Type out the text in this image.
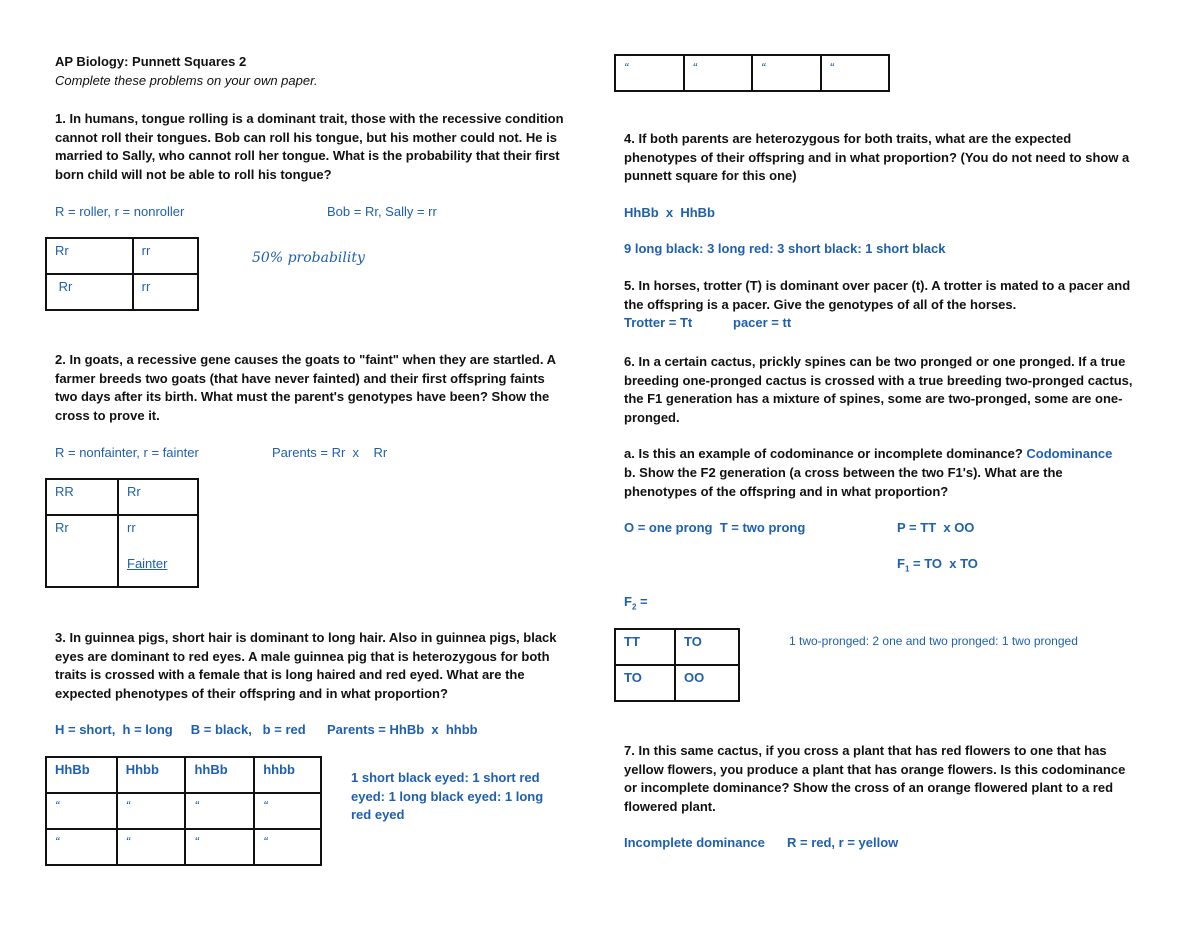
AP Biology: Punnett Squares 2
Complete these problems on your own paper.
1. In humans, tongue rolling is a dominant trait, those with the recessive condition
cannot roll their tongues. Bob can roll his tongue, but his mother could not. He is
married to Sally, who cannot roll her tongue. What is the probability that their first
born child will not be able to roll his tongue?
R = roller, r = nonroller	Bob = Rr, Sally = rr
Rr	rr
Rr	rr
50% probability
2. In goats, a recessive gene causes the goats to "faint" when they are startled. A
farmer breeds two goats (that have never fainted) and their first offspring faints
two days after its birth. What must the parent's genotypes have been? Show the
cross to prove it.
R = nonfainter, r = fainter	Parents = Rr  x    Rr
RR	Rr
Rr	rr
Fainter
3. In guinnea pigs, short hair is dominant to long hair. Also in guinnea pigs, black
eyes are dominant to red eyes. A male guinnea pig that is heterozygous for both
traits is crossed with a female that is long haired and red eyed. What are the
expected phenotypes of their offspring and in what proportion?
H = short,  h = long     B = black,   b = red Parents = HhBb  x  hhbb
HhBb	Hhbb	hhBb	hhbb
“	“	“	“
“	“	“	“
1 short black eyed: 1 short red
eyed: 1 long black eyed: 1 long
red eyed
“	“	“	“
4. If both parents are heterozygous for both traits, what are the expected
phenotypes of their offspring and in what proportion? (You do not need to show a
punnett square for this one)
HhBb  x  HhBb
9 long black: 3 long red: 3 short black: 1 short black
5. In horses, trotter (T) is dominant over pacer (t). A trotter is mated to a pacer and
the offspring is a pacer. Give the genotypes of all of the horses.
Trotter = Tt	pacer = tt
6. In a certain cactus, prickly spines can be two pronged or one pronged. If a true
breeding one-pronged cactus is crossed with a true breeding two-pronged cactus,
the F1 generation has a mixture of spines, some are two-pronged, some are one-
pronged.
a. Is this an example of codominance or incomplete dominance? Codominance
b. Show the F2 generation (a cross between the two F1's). What are the
phenotypes of the offspring and in what proportion?
O = one prong  T = two prong	P = TT  x OO
$F_1$ = TO  x TO
$F_2$ =
TT	TO
TO	OO
1 two-pronged: 2 one and two pronged: 1 two pronged
7. In this same cactus, if you cross a plant that has red flowers to one that has
yellow flowers, you produce a plant that has orange flowers. Is this codominance
or incomplete dominance? Show the cross of an orange flowered plant to a red
flowered plant.
Incomplete dominance R = red, r = yellow
